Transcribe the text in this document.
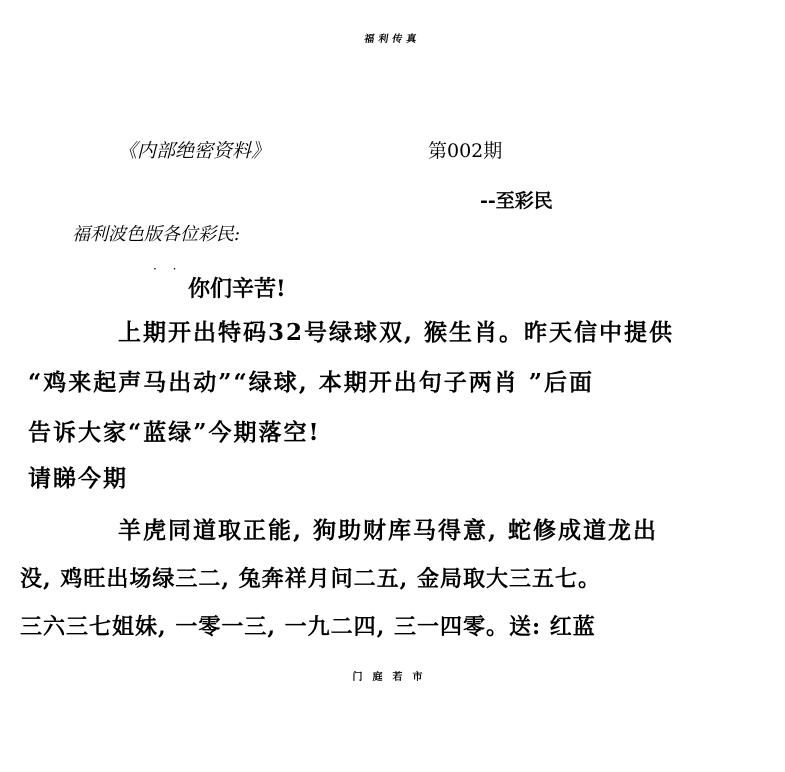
福利传真
《内部绝密资料》	第002期
--至彩民
福利波色版各位彩民:
· ·
你们辛苦!
上期开出特码32号绿球双, 猴生肖。昨天信中提供
“鸡来起声马出动”“绿球, 本期开出句子两肖 ”后面
告诉大家“蓝绿”今期落空!
请睇今期
羊虎同道取正能, 狗助财库马得意, 蛇修成道龙出
没, 鸡旺出场绿三二, 兔奔祥月问二五, 金局取大三五七。
三六三七姐妹, 一零一三, 一九二四, 三一四零。送: 红蓝
门庭若市
